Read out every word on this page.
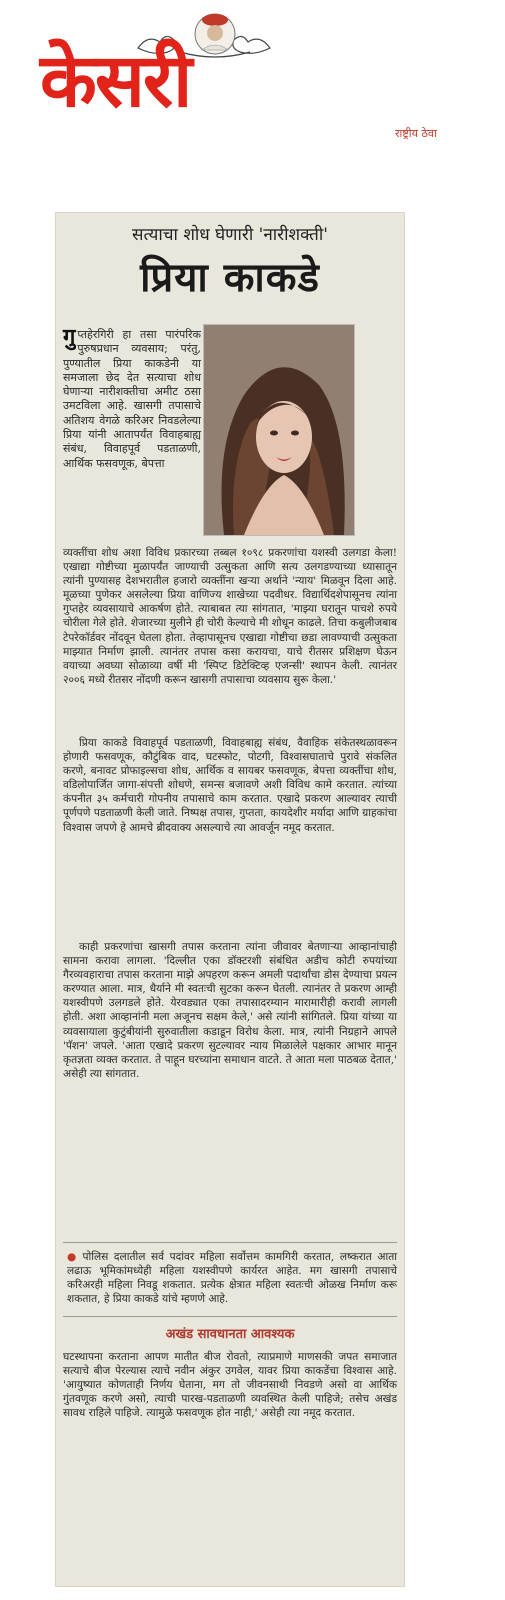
केसरी
राष्ट्रीय ठेवा
सत्याचा शोध घेणारी 'नारीशक्ती'
प्रिया काकडे
गुप्तहेरगिरी हा तसा पारंपरिक पुरुषप्रधान व्यवसाय; परंतु, पुण्यातील प्रिया काकडेनी या समजाला छेद देत सत्याचा शोध घेणाऱ्या नारीशक्तीचा अमीट ठसा उमटविला आहे. खासगी तपासाचे अतिशय वेगळे करिअर निवडलेल्या प्रिया यांनी आतापर्यंत विवाहबाह्य संबंध, विवाहपूर्व पडताळणी, आर्थिक फसवणूक, बेपत्ता
व्यक्तींचा शोध अशा विविध प्रकारच्या तब्बल १०९८ प्रकरणांचा यशस्वी उलगडा केला! एखाद्या गोष्टीच्या मुळापर्यंत जाण्याची उत्सुकता आणि सत्य उलगडण्याच्या ध्यासातून त्यांनी पुण्यासह देशभरातील हजारो व्यक्तींना खऱ्या अर्थाने 'न्याय' मिळवून दिला आहे. मूळच्या पुणेकर असलेल्या प्रिया वाणिज्य शाखेच्या पदवीधर. विद्यार्थिदशेपासूनच त्यांना गुप्तहेर व्यवसायाचे आकर्षण होते. त्याबाबत त्या सांगतात, 'माझ्या घरातून पाचशे रुपये चोरीला गेले होते. शेजारच्या मुलीने ही चोरी केल्याचे मी शोधून काढले. तिचा कबुलीजबाब टेपरेकॉर्डवर नोंदवून घेतला होता. तेव्हापासूनच एखाद्या गोष्टीचा छडा लावण्याची उत्सुकता माझ्यात निर्माण झाली. त्यानंतर तपास कसा करायचा, याचे रीतसर प्रशिक्षण घेऊन वयाच्या अवघ्या सोळाव्या वर्षी मी 'स्पिप्ट डिटेक्टिव्ह एजन्सी' स्थापन केली. त्यानंतर २००६ मध्ये रीतसर नोंदणी करून खासगी तपासाचा व्यवसाय सुरू केला.'
प्रिया काकडे विवाहपूर्व पडताळणी, विवाहबाह्य संबंध, वैवाहिक संकेतस्थळावरून होणारी फसवणूक, कौटुंबिक वाद, घटस्फोट, पोटगी, विश्वासघाताचे पुरावे संकलित करणे, बनावट प्रोफाइल्सचा शोध, आर्थिक व सायबर फसवणूक, बेपत्ता व्यक्तींचा शोध, वडिलोपार्जित जागा-संपत्ती शोधणे, समन्स बजावणे अशी विविध कामे करतात. त्यांच्या कंपनीत ३५ कर्मचारी गोपनीय तपासाचे काम करतात. एखादे प्रकरण आल्यावर त्याची पूर्णपणे पडताळणी केली जाते. निष्पक्ष तपास, गुप्तता, कायदेशीर मर्यादा आणि ग्राहकांचा विश्वास जपणे हे आमचे ब्रीदवाक्य असल्याचे त्या आवर्जून नमूद करतात.
काही प्रकरणांचा खासगी तपास करताना त्यांना जीवावर बेतणाऱ्या आव्हानांचाही सामना करावा लागला. 'दिल्लीत एका डॉक्टरशी संबंधित अडीच कोटी रुपयांच्या गैरव्यवहाराचा तपास करताना माझे अपहरण करून अमली पदार्थांचा डोस देण्याचा प्रयत्न करण्यात आला. मात्र, धैर्याने मी स्वतःची सुटका करून घेतली. त्यानंतर ते प्रकरण आम्ही यशस्वीपणे उलगडले होते. येरवड्यात एका तपासादरम्यान मारामारीही करावी लागली होती. अशा आव्हानांनी मला अजूनच सक्षम केले,' असे त्यांनी सांगितले. प्रिया यांच्या या व्यवसायाला कुटुंबीयांनी सुरुवातीला कडाडून विरोध केला. मात्र, त्यांनी निग्रहाने आपले 'पॅशन' जपले. 'आता एखादे प्रकरण सुटल्यावर न्याय मिळालेले पक्षकार आभार मानून कृतज्ञता व्यक्त करतात. ते पाहून घरच्यांना समाधान वाटते. ते आता मला पाठबळ देतात,' असेही त्या सांगतात.
● पोलिस दलातील सर्व पदांवर महिला सर्वोत्तम कामगिरी करतात, लष्करात आता लढाऊ भूमिकांमध्येही महिला यशस्वीपणे कार्यरत आहेत. मग खासगी तपासाचे करिअरही महिला निवडू शकतात. प्रत्येक क्षेत्रात महिला स्वतःची ओळख निर्माण करू शकतात, हे प्रिया काकडे यांचे म्हणणे आहे.
अखंड सावधानता आवश्यक
घटस्थापना करताना आपण मातीत बीज रोवतो, त्याप्रमाणे माणसकी जपत समाजात सत्याचे बीज पेरल्यास त्याचे नवीन अंकुर उगवेल, यावर प्रिया काकडेंचा विश्वास आहे. 'आयुष्यात कोणताही निर्णय घेताना, मग तो जीवनसाथी निवडणे असो वा आर्थिक गुंतवणूक करणे असो, त्याची पारख-पडताळणी व्यवस्थित केली पाहिजे; तसेच अखंड सावध राहिले पाहिजे. त्यामुळे फसवणूक होत नाही,' असेही त्या नमूद करतात.
